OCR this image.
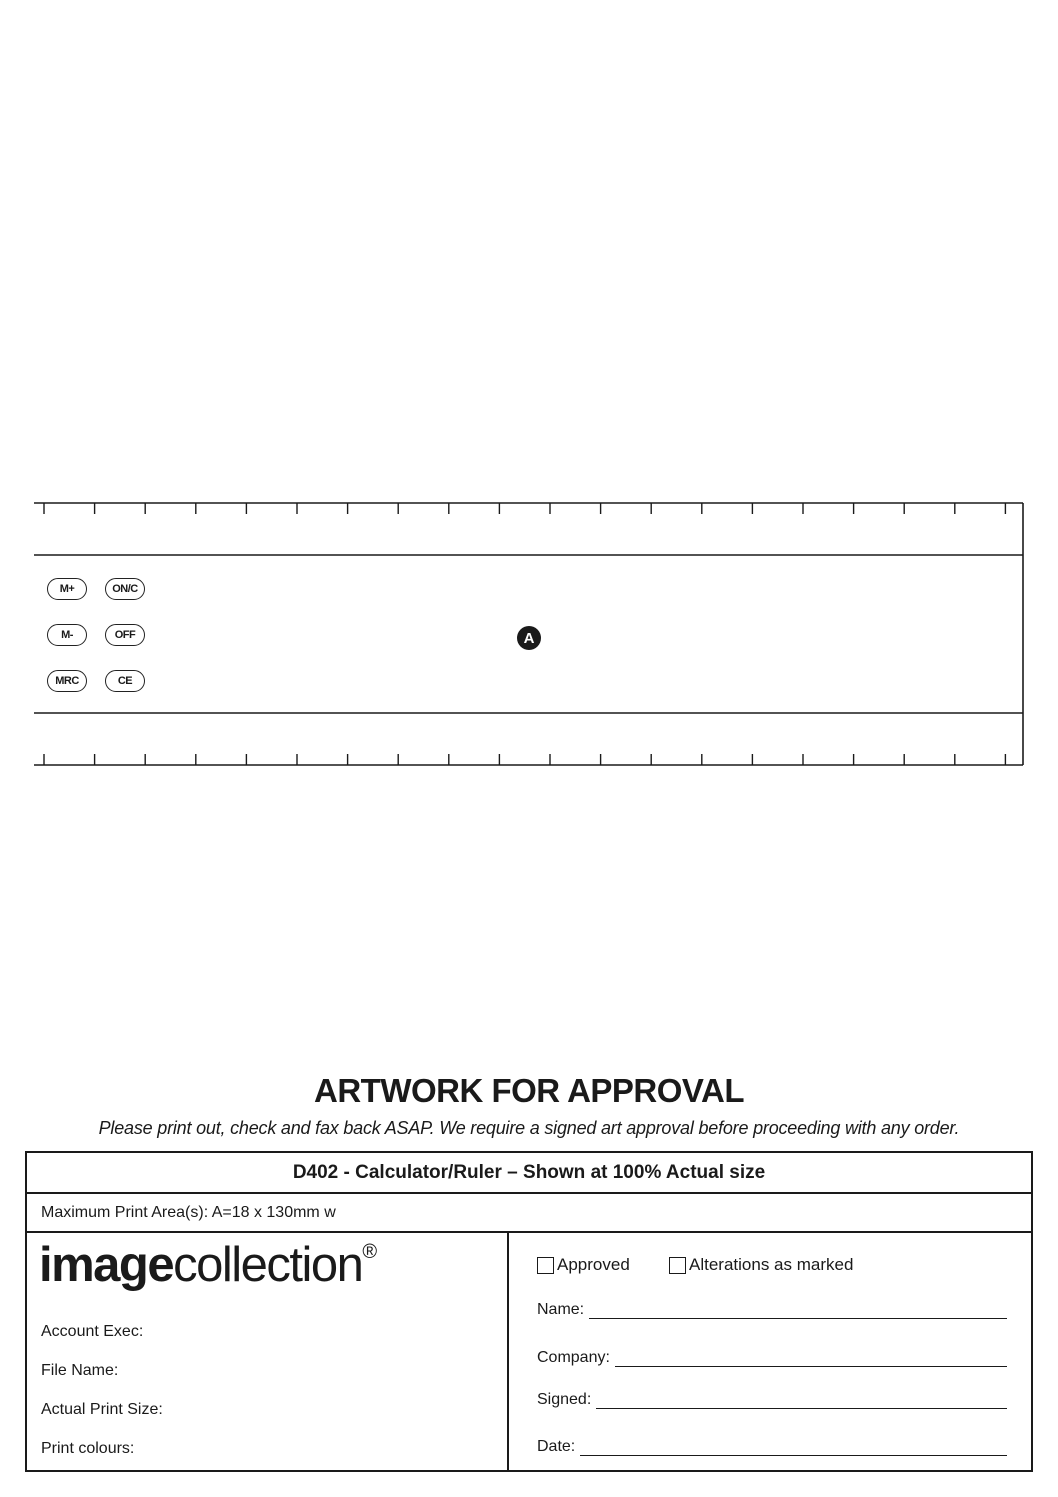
M+	ON/C
M-	OFF
MRC	CE
A
ARTWORK FOR APPROVAL
Please print out, check and fax back ASAP. We require a signed art approval before proceeding with any order.
D402 - Calculator/Ruler – Shown at 100% Actual size
Maximum Print Area(s): A=18 x 130mm w
imagecollection®
Account Exec:
File Name:
Actual Print Size:
Print colours:
Approved	Alterations as marked
Name:
Company:
Signed:
Date:
